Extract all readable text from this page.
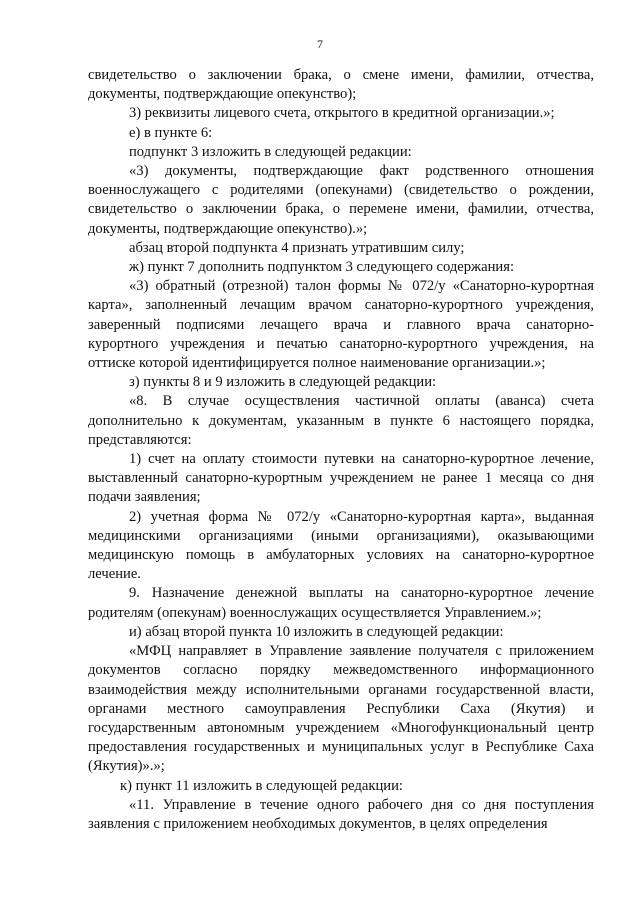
7
свидетельство о заключении брака, о смене имени, фамилии, отчества,
документы, подтверждающие опекунство);
3) реквизиты лицевого счета, открытого в кредитной организации.»;
е) в пункте 6:
подпункт 3 изложить в следующей редакции:
«3) документы, подтверждающие факт родственного отношения
военнослужащего с родителями (опекунами) (свидетельство о рождении,
свидетельство о заключении брака, о перемене имени, фамилии, отчества,
документы, подтверждающие опекунство).»;
абзац второй подпункта 4 признать утратившим силу;
ж) пункт 7 дополнить подпунктом 3 следующего содержания:
«3) обратный (отрезной) талон формы № 072/у «Санаторно-курортная
карта», заполненный лечащим врачом санаторно-курортного учреждения,
заверенный подписями лечащего врача и главного врача санаторно-
курортного учреждения и печатью санаторно-курортного учреждения, на
оттиске которой идентифицируется полное наименование организации.»;
з) пункты 8 и 9 изложить в следующей редакции:
«8. В случае осуществления частичной оплаты (аванса) счета
дополнительно к документам, указанным в пункте 6 настоящего порядка,
представляются:
1) счет на оплату стоимости путевки на санаторно-курортное лечение,
выставленный санаторно-курортным учреждением не ранее 1 месяца со дня
подачи заявления;
2) учетная форма № 072/у «Санаторно-курортная карта», выданная
медицинскими организациями (иными организациями), оказывающими
медицинскую помощь в амбулаторных условиях на санаторно-курортное
лечение.
9. Назначение денежной выплаты на санаторно-курортное лечение
родителям (опекунам) военнослужащих осуществляется Управлением.»;
и) абзац второй пункта 10 изложить в следующей редакции:
«МФЦ направляет в Управление заявление получателя с приложением
документов согласно порядку межведомственного информационного
взаимодействия между исполнительными органами государственной власти,
органами местного самоуправления Республики Саха (Якутия) и
государственным автономным учреждением «Многофункциональный центр
предоставления государственных и муниципальных услуг в Республике Саха
(Якутия)».»;
к) пункт 11 изложить в следующей редакции:
«11. Управление в течение одного рабочего дня со дня поступления
заявления с приложением необходимых документов, в целях определения
